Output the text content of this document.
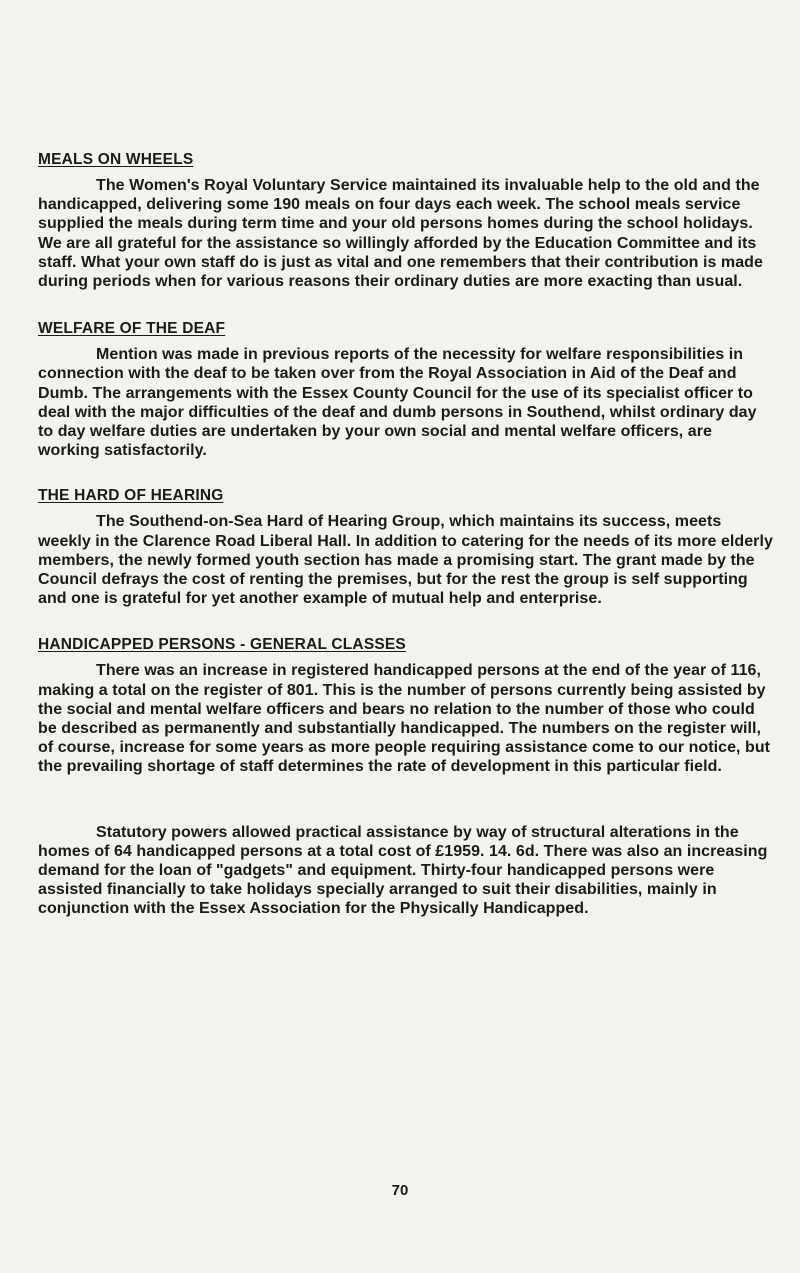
MEALS ON WHEELS

The Women's Royal Voluntary Service maintained its invaluable help to the old and the handicapped, delivering some 190 meals on four days each week. The school meals service supplied the meals during term time and your old persons homes during the school holidays. We are all grateful for the assistance so willingly afforded by the Education Committee and its staff. What your own staff do is just as vital and one remembers that their contribution is made during periods when for various reasons their ordinary duties are more exacting than usual.

WELFARE OF THE DEAF

Mention was made in previous reports of the necessity for welfare responsibilities in connection with the deaf to be taken over from the Royal Association in Aid of the Deaf and Dumb. The arrangements with the Essex County Council for the use of its specialist officer to deal with the major difficulties of the deaf and dumb persons in Southend, whilst ordinary day to day welfare duties are undertaken by your own social and mental welfare officers, are working satisfactorily.

THE HARD OF HEARING

The Southend-on-Sea Hard of Hearing Group, which maintains its success, meets weekly in the Clarence Road Liberal Hall. In addition to catering for the needs of its more elderly members, the newly formed youth section has made a promising start. The grant made by the Council defrays the cost of renting the premises, but for the rest the group is self supporting and one is grateful for yet another example of mutual help and enterprise.

HANDICAPPED PERSONS - GENERAL CLASSES

There was an increase in registered handicapped persons at the end of the year of 116, making a total on the register of 801. This is the number of persons currently being assisted by the social and mental welfare officers and bears no relation to the number of those who could be described as permanently and substantially handicapped. The numbers on the register will, of course, increase for some years as more people requiring assistance come to our notice, but the prevailing shortage of staff determines the rate of development in this particular field.

Statutory powers allowed practical assistance by way of structural alterations in the homes of 64 handicapped persons at a total cost of £1959. 14. 6d. There was also an increasing demand for the loan of "gadgets" and equipment. Thirty-four handicapped persons were assisted financially to take holidays specially arranged to suit their disabilities, mainly in conjunction with the Essex Association for the Physically Handicapped.

70
